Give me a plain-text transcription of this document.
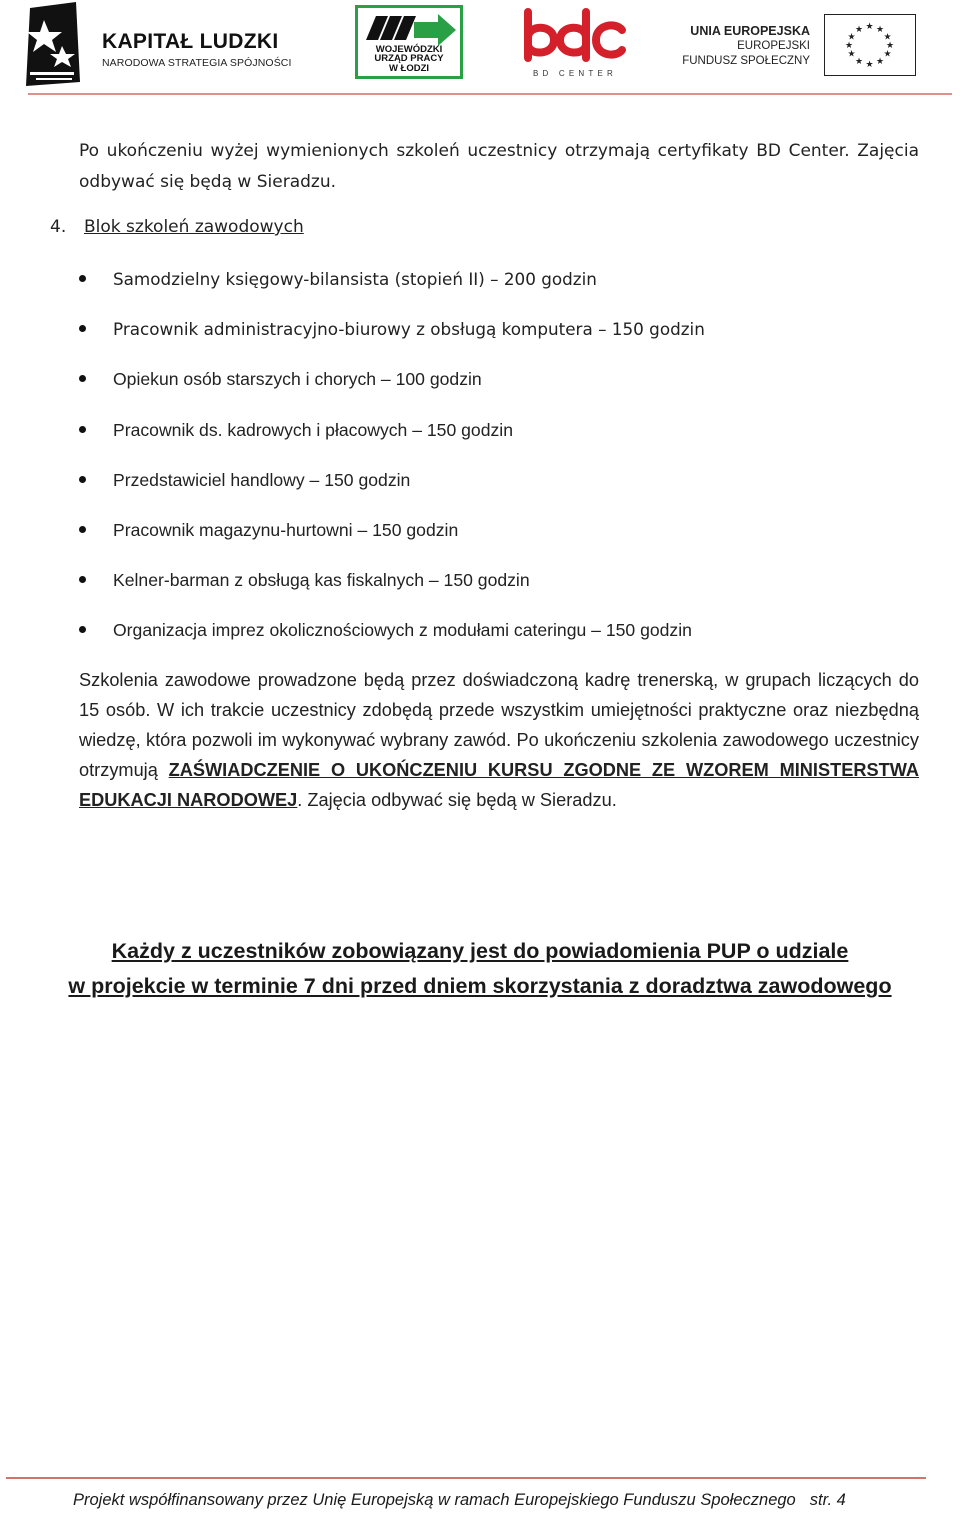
KAPITAŁ LUDZKI
NARODOWA STRATEGIA SPÓJNOŚCI
WOJEWÓDZKI
URZĄD PRACY
W ŁODZI	BD CENTER
UNIA EUROPEJSKA
EUROPEJSKI
FUNDUSZ SPOŁECZNY
★ ★
★
★
★
★
★
★
★
★
★
★

Po ukończeniu wyżej wymienionych szkoleń uczestnicy otrzymają certyfikaty BD Center. Zajęcia odbywać się będą w Sieradzu.

4. Blok szkoleń zawodowych
Samodzielny księgowy-bilansista (stopień II) – 200 godzin
Pracownik administracyjno-biurowy z obsługą komputera – 150 godzin
Opiekun osób starszych i chorych – 100 godzin
Pracownik ds. kadrowych i płacowych – 150 godzin
Przedstawiciel handlowy – 150 godzin
Pracownik magazynu-hurtowni – 150 godzin
Kelner-barman z obsługą kas fiskalnych – 150 godzin
Organizacja imprez okolicznościowych z modułami cateringu – 150 godzin

Szkolenia zawodowe prowadzone będą przez doświadczoną kadrę trenerską, w grupach liczących do 15 osób. W ich trakcie uczestnicy zdobędą przede wszystkim umiejętności praktyczne oraz niezbędną wiedzę, która pozwoli im wykonywać wybrany zawód. Po ukończeniu szkolenia zawodowego uczestnicy otrzymują ZAŚWIADCZENIE O UKOŃCZENIU KURSU ZGODNE ZE WZOREM MINISTERSTWA EDUKACJI NARODOWEJ. Zajęcia odbywać się będą w Sieradzu.

Każdy z uczestników zobowiązany jest do powiadomienia PUP o udziale
w projekcie w terminie 7 dni przed dniem skorzystania z doradztwa zawodowego
Projekt współfinansowany przez Unię Europejską w ramach Europejskiego Funduszu Społecznego str. 4
